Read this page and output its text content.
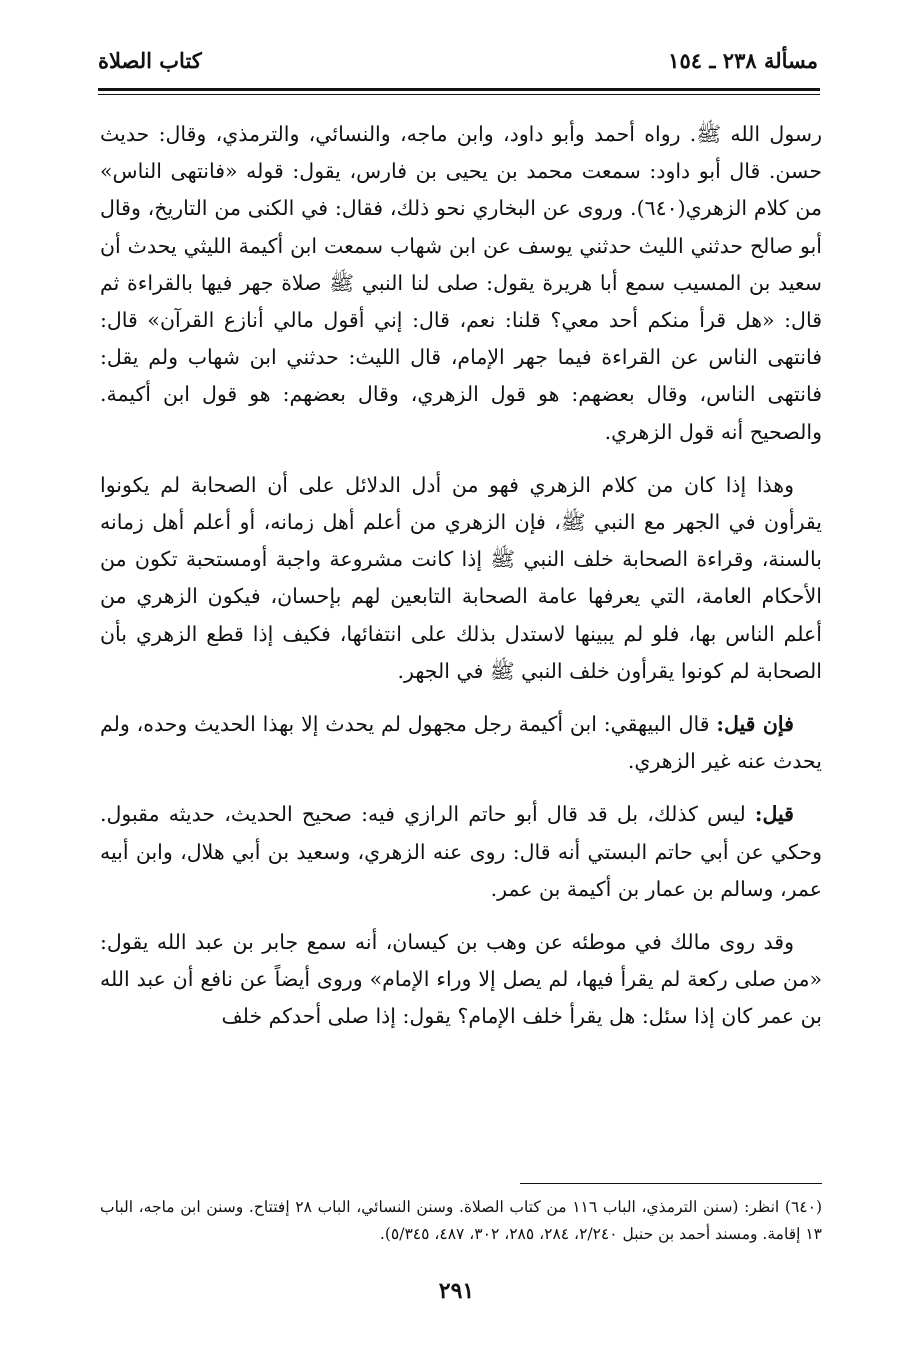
مسألة ٢٣٨ ـ ١٥٤
كتاب الصلاة

رسول الله ﷺ. رواه أحمد وأبو داود، وابن ماجه، والنسائي، والترمذي، وقال: حديث حسن. قال أبو داود: سمعت محمد بن يحيى بن فارس، يقول: قوله «فانتهى الناس» من كلام الزهري(٦٤٠). وروى عن البخاري نحو ذلك، فقال: في الكنى من التاريخ، وقال أبو صالح حدثني الليث حدثني يوسف عن ابن شهاب سمعت ابن أكيمة الليثي يحدث أن سعيد بن المسيب سمع أبا هريرة يقول: صلى لنا النبي ﷺ صلاة جهر فيها بالقراءة ثم قال: «هل قرأ منكم أحد معي؟ قلنا: نعم، قال: إني أقول مالي أنازع القرآن» قال: فانتهى الناس عن القراءة فيما جهر الإمام، قال الليث: حدثني ابن شهاب ولم يقل: فانتهى الناس، وقال بعضهم: هو قول الزهري، وقال بعضهم: هو قول ابن أكيمة. والصحيح أنه قول الزهري.

وهذا إذا كان من كلام الزهري فهو من أدل الدلائل على أن الصحابة لم يكونوا يقرأون في الجهر مع النبي ﷺ، فإن الزهري من أعلم أهل زمانه، أو أعلم أهل زمانه بالسنة، وقراءة الصحابة خلف النبي ﷺ إذا كانت مشروعة واجبة أومستحبة تكون من الأحكام العامة، التي يعرفها عامة الصحابة التابعين لهم بإحسان، فيكون الزهري من أعلم الناس بها، فلو لم يبينها لاستدل بذلك على انتفائها، فكيف إذا قطع الزهري بأن الصحابة لم كونوا يقرأون خلف النبي ﷺ في الجهر.

فإن قيل: قال البيهقي: ابن أكيمة رجل مجهول لم يحدث إلا بهذا الحديث وحده، ولم يحدث عنه غير الزهري.

قيل: ليس كذلك، بل قد قال أبو حاتم الرازي فيه: صحيح الحديث، حديثه مقبول. وحكي عن أبي حاتم البستي أنه قال: روى عنه الزهري، وسعيد بن أبي هلال، وابن أبيه عمر، وسالم بن عمار بن أكيمة بن عمر.

وقد روى مالك في موطئه عن وهب بن كيسان، أنه سمع جابر بن عبد الله يقول: «من صلى ركعة لم يقرأ فيها، لم يصل إلا وراء الإمام» وروى أيضاً عن نافع أن عبد الله بن عمر كان إذا سئل: هل يقرأ خلف الإمام؟ يقول: إذا صلى أحدكم خلف

(٦٤٠) انظر: (سنن الترمذي، الباب ١١٦ من كتاب الصلاة. وسنن النسائي، الباب ٢٨ إفتتاح. وسنن ابن ماجه، الباب ١٣ إقامة. ومسند أحمد بن حنبل ٢/٢٤٠، ٢٨٤، ٢٨٥، ٣٠٢، ٤٨٧، ٥/٣٤٥).
٢٩١
